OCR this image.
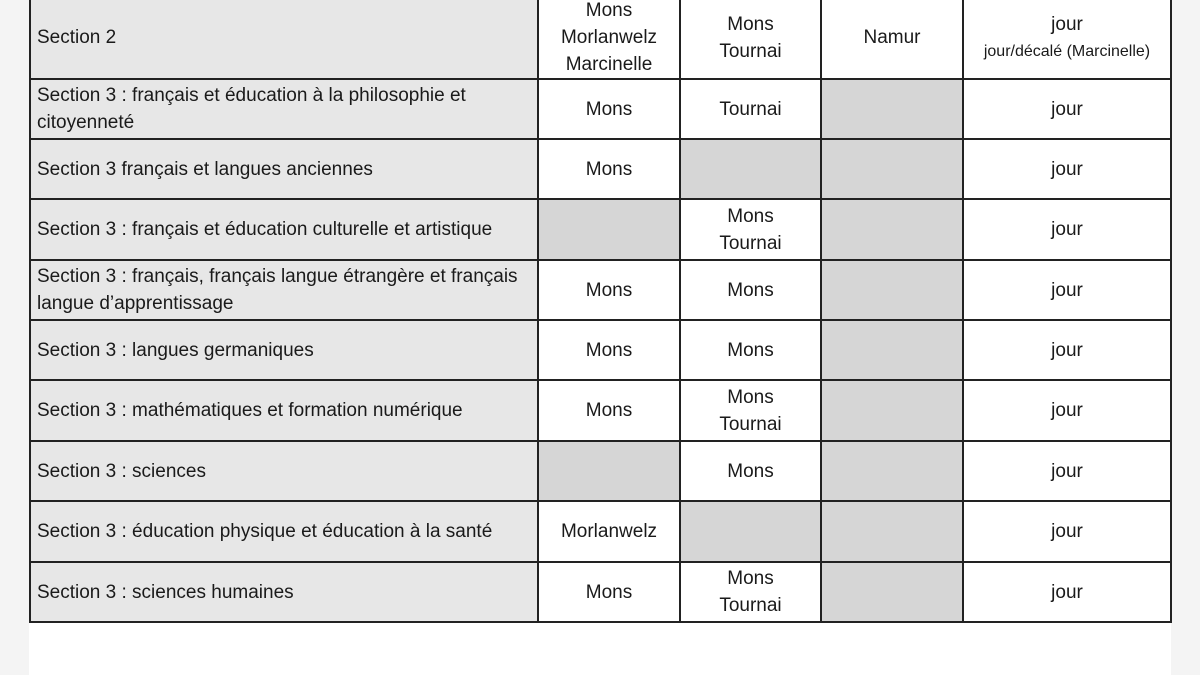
Section 2	Mons
Morlanwelz
Marcinelle	Mons
Tournai	Namur	jour
jour/décalé (Marcinelle)

Section 3 : français et éducation à la philosophie et citoyenneté	Mons	Tournai		jour

Section 3 français et langues anciennes	Mons			jour

Section 3 : français et éducation culturelle et artistique		Mons
Tournai		jour

Section 3 : français, français langue étrangère et français langue d’apprentissage	Mons	Mons		jour

Section 3 : langues germaniques	Mons	Mons		jour

Section 3 : mathématiques et formation numérique	Mons	Mons
Tournai		jour

Section 3 : sciences		Mons		jour

Section 3 : éducation physique et éducation à la santé	Morlanwelz			jour

Section 3 : sciences humaines	Mons	Mons
Tournai		jour
